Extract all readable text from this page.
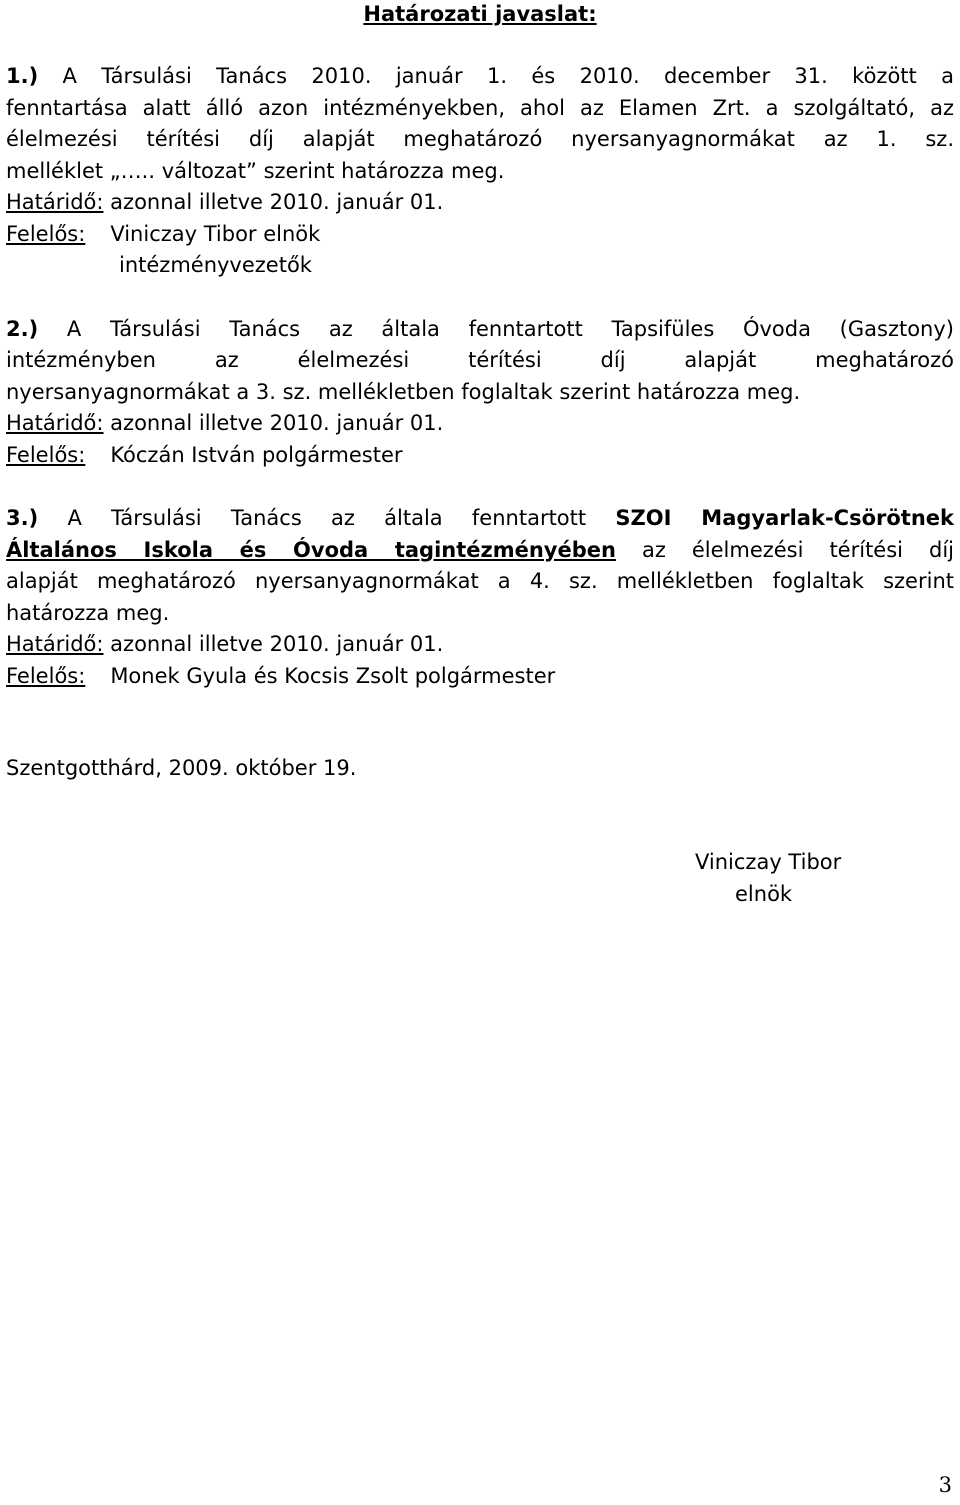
Határozati javaslat:
1.) A Társulási Tanács 2010. január 1. és 2010. december 31. között a
fenntartása alatt álló azon intézményekben, ahol az Elamen Zrt. a szolgáltató, az
élelmezési térítési díj alapját meghatározó nyersanyagnormákat az 1. sz.
melléklet „….. változat” szerint határozza meg.
Határidő: azonnal illetve 2010. január 01.
Felelős: Viniczay Tibor elnök
intézményvezetők
2.) A Társulási Tanács az általa fenntartott Tapsifüles Óvoda (Gasztony)
intézményben az élelmezési térítési díj alapját meghatározó
nyersanyagnormákat a 3. sz. mellékletben foglaltak szerint határozza meg.
Határidő: azonnal illetve 2010. január 01.
Felelős: Kóczán István polgármester
3.) A Társulási Tanács az általa fenntartott SZOI Magyarlak-Csörötnek
Általános Iskola és Óvoda tagintézményében az élelmezési térítési díj
alapját meghatározó nyersanyagnormákat a 4. sz. mellékletben foglaltak szerint
határozza meg.
Határidő: azonnal illetve 2010. január 01.
Felelős: Monek Gyula és Kocsis Zsolt polgármester
Szentgotthárd, 2009. október 19.
Viniczay Tibor
elnök
3
